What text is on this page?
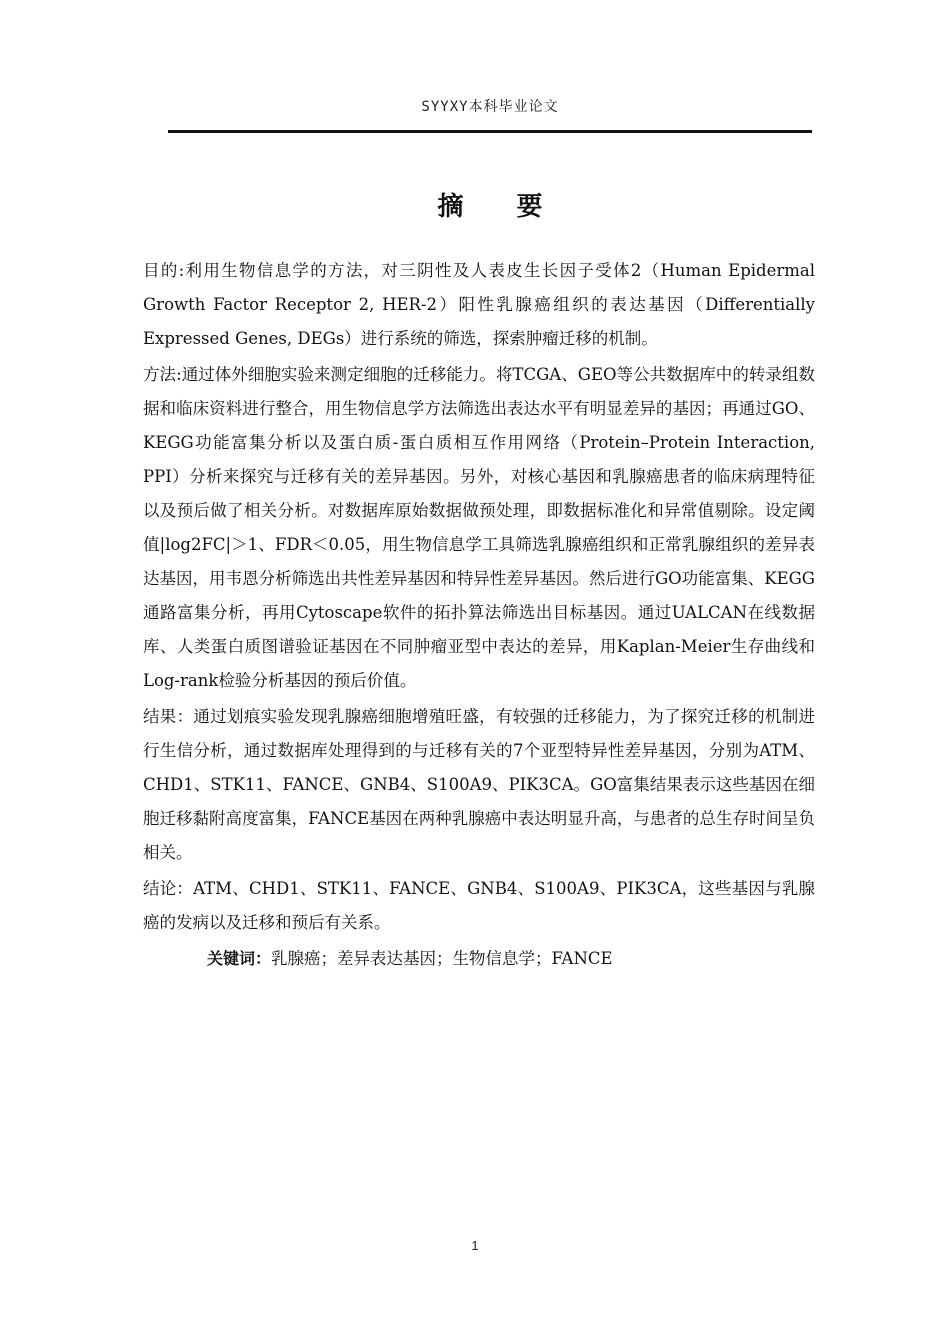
SYYXY本科毕业论文
摘 要

目的:利用生物信息学的方法，对三阴性及人表皮生长因子受体2（Human Epidermal Growth Factor Receptor 2, HER-2）阳性乳腺癌组织的表达基因（Differentially Expressed Genes, DEGs）进行系统的筛选，探索肿瘤迁移的机制。

方法:通过体外细胞实验来测定细胞的迁移能力。将TCGA、GEO等公共数据库中的转录组数据和临床资料进行整合，用生物信息学方法筛选出表达水平有明显差异的基因；再通过GO、KEGG功能富集分析以及蛋白质-蛋白质相互作用网络（Protein–Protein Interaction, PPI）分析来探究与迁移有关的差异基因。另外，对核心基因和乳腺癌患者的临床病理特征以及预后做了相关分析。对数据库原始数据做预处理，即数据标准化和异常值剔除。设定阈值|log2FC|＞1、FDR＜0.05，用生物信息学工具筛选乳腺癌组织和正常乳腺组织的差异表达基因，用韦恩分析筛选出共性差异基因和特异性差异基因。然后进行GO功能富集、KEGG通路富集分析，再用Cytoscape软件的拓扑算法筛选出目标基因。通过UALCAN在线数据库、人类蛋白质图谱验证基因在不同肿瘤亚型中表达的差异，用Kaplan-Meier生存曲线和Log-rank检验分析基因的预后价值。

结果：通过划痕实验发现乳腺癌细胞增殖旺盛，有较强的迁移能力，为了探究迁移的机制进行生信分析，通过数据库处理得到的与迁移有关的7个亚型特异性差异基因，分别为ATM、CHD1、STK11、FANCE、GNB4、S100A9、PIK3CA。GO富集结果表示这些基因在细胞迁移黏附高度富集，FANCE基因在两种乳腺癌中表达明显升高，与患者的总生存时间呈负相关。

结论：ATM、CHD1、STK11、FANCE、GNB4、S100A9、PIK3CA，这些基因与乳腺癌的发病以及迁移和预后有关系。

关键词：乳腺癌；差异表达基因；生物信息学；FANCE

1
